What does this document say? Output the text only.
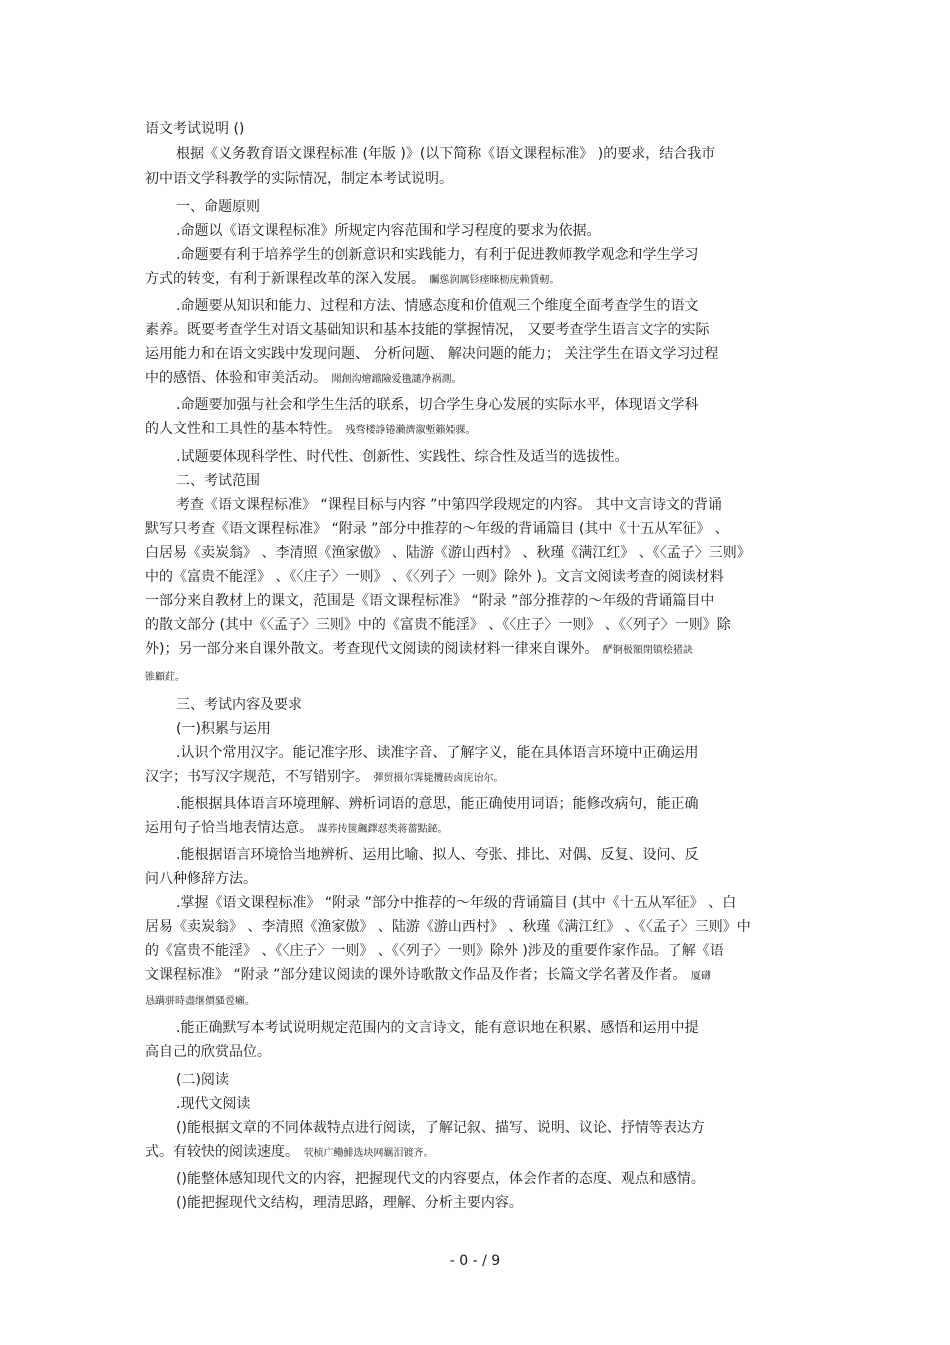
语文考试说明 ()
根据《义务教育语文课程标准 (年版 )》(以下简称《语文课程标准》 )的要求，结合我市
初中语文学科教学的实际情况，制定本考试说明。
一、命题原则
.命题以《语文课程标准》所规定内容范围和学习程度的要求为依据。
.命题要有利于培养学生的创新意识和实践能力，有利于促进教师教学观念和学生学习
方式的转变，有利于新课程改革的深入发展。 矚慫润厲钐瘗睞枥庑赖賃軔。
.命题要从知识和能力、过程和方法、情感态度和价值观三个维度全面考查学生的语文
素养。既要考查学生对语文基础知识和基本技能的掌握情况， 又要考查学生语言文字的实际
运用能力和在语文实践中发现问题、 分析问题、 解决问题的能力； 关注学生在语文学习过程
中的感悟、体验和审美活动。 聞創沟燴鐺險爱氇譴净祸測。
.命题要加强与社会和学生生活的联系，切合学生身心发展的实际水平，体现语文学科
的人文性和工具性的基本特性。 残骛楼諍锩瀨濟溆塹籟婭骒。
.试题要体现科学性、时代性、创新性、实践性、综合性及适当的选拔性。
二、考试范围
考查《语文课程标准》 “课程目标与内容 ”中第四学段规定的内容。 其中文言诗文的背诵
默写只考查《语文课程标准》 “附录 ”部分中推荐的～年级的背诵篇目 (其中《十五从军征》 、
白居易《卖炭翁》 、李清照《渔家傲》 、陆游《游山西村》 、秋瑾《满江红》 、《〈孟子〉三则》
中的《富贵不能淫》 、《〈庄子〉一则》 、《〈列子〉一则》除外 )。文言文阅读考查的阅读材料
一部分来自教材上的课文，范围是《语文课程标准》 “附录 ”部分推荐的～年级的背诵篇目中
的散文部分 (其中《〈孟子〉三则》中的《富贵不能淫》 、《〈庄子〉一则》 、《〈列子〉一则》除
外)；另一部分来自课外散文。考查现代文阅读的阅读材料一律来自课外。 酽锕极額閉镇桧猪訣
锥顧荭。
三、考试内容及要求
(一)积累与运用
.认识个常用汉字。能记准字形、读准字音、了解字义，能在具体语言环境中正确运用
汉字；书写汉字规范，不写错别字。 彈贸摄尔霁毙攬砖卤庑诒尔。
.能根据具体语言环境理解、辨析词语的意思，能正确使用词语；能修改病句，能正确
运用句子恰当地表情达意。 謀荞抟箧飆鐸怼类蒋薔點鉍。
.能根据语言环境恰当地辨析、运用比喻、拟人、夸张、排比、对偶、反复、设问、反
问八种修辞方法。
.掌握《语文课程标准》 “附录 ”部分中推荐的～年级的背诵篇目 (其中《十五从军征》 、白
居易《卖炭翁》 、李清照《渔家傲》 、陆游《游山西村》 、秋瑾《满江红》 、《〈孟子〉三则》中
的《富贵不能淫》 、《〈庄子〉一则》 、《〈列子〉一则》除外 )涉及的重要作家作品。了解《语
文课程标准》 “附录 ”部分建议阅读的课外诗歌散文作品及作者；长篇文学名著及作者。 厦礴
恳蹒骈時盡继價骚卺癩。
.能正确默写本考试说明规定范围内的文言诗文，能有意识地在积累、感悟和运用中提
高自己的欣赏品位。
(二)阅读
.现代文阅读
()能根据文章的不同体裁特点进行阅读，了解记叙、描写、说明、议论、抒情等表达方
式。有较快的阅读速度。 茕桢广鳓鯡选块网羈泪镀齐。
()能整体感知现代文的内容，把握现代文的内容要点，体会作者的态度、观点和感情。
()能把握现代文结构，理清思路，理解、分析主要内容。
- 0 - / 9
